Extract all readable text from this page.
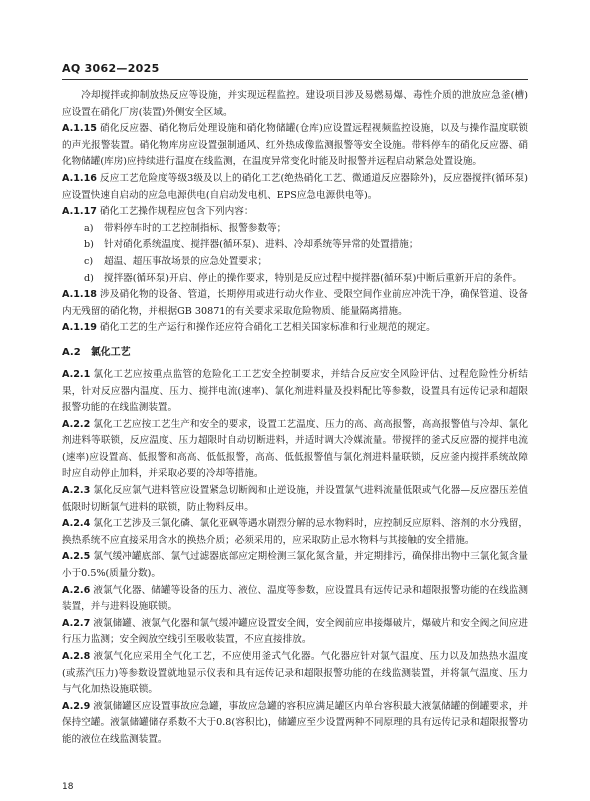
AQ 3062—2025

冷却搅拌或抑制放热反应等设施，并实现远程监控。建设项目涉及易燃易爆、毒性介质的泄放应急釜(槽)应设置在硝化厂房(装置)外侧安全区域。

A.1.15 硝化反应器、硝化物后处理设施和硝化物储罐(仓库)应设置远程视频监控设施，以及与操作温度联锁的声光报警装置。硝化物库房应设置强制通风、红外热成像监测报警等安全设施。带料停车的硝化反应器、硝化物储罐(库房)应持续进行温度在线监测，在温度异常变化时能及时报警并远程启动紧急处置设施。

A.1.16 反应工艺危险度等级3级及以上的硝化工艺(绝热硝化工艺、微通道反应器除外)，反应器搅拌(循环泵)应设置快速自启动的应急电源供电(自启动发电机、EPS应急电源供电等)。

A.1.17 硝化工艺操作规程应包含下列内容：

a)	带料停车时的工艺控制指标、报警参数等；
b)	针对硝化系统温度、搅拌器(循环泵)、进料、冷却系统等异常的处置措施；
c)	超温、超压事故场景的应急处置要求；
d)	搅拌器(循环泵)开启、停止的操作要求，特别是反应过程中搅拌器(循环泵)中断后重新开启的条件。

A.1.18 涉及硝化物的设备、管道，长期停用或进行动火作业、受限空间作业前应冲洗干净，确保管道、设备内无残留的硝化物，并根据GB 30871的有关要求采取危险物质、能量隔离措施。

A.1.19 硝化工艺的生产运行和操作还应符合硝化工艺相关国家标准和行业规范的规定。

A.2 氯化工艺

A.2.1 氯化工艺应按重点监管的危险化工工艺安全控制要求，并结合反应安全风险评估、过程危险性分析结果，针对反应器内温度、压力、搅拌电流(速率)、氯化剂进料量及投料配比等参数，设置具有远传记录和超限报警功能的在线监测装置。

A.2.2 氯化工艺应按工艺生产和安全的要求，设置工艺温度、压力的高、高高报警，高高报警值与冷却、氯化剂进料等联锁，反应温度、压力超限时自动切断进料，并适时调大冷媒流量。带搅拌的釜式反应器的搅拌电流(速率)应设置高、低报警和高高、低低报警，高高、低低报警值与氯化剂进料量联锁，反应釜内搅拌系统故障时应自动停止加料，并采取必要的冷却等措施。

A.2.3 氯化反应氯气进料管应设置紧急切断阀和止逆设施，并设置氯气进料流量低限或气化器—反应器压差值低限时切断氯气进料的联锁，防止物料反串。

A.2.4 氯化工艺涉及三氯化磷、氯化亚砜等遇水剧烈分解的忌水物料时，应控制反应原料、溶剂的水分残留，换热系统不应直接采用含水的换热介质；必须采用的，应采取防止忌水物料与其接触的安全措施。

A.2.5 氯气缓冲罐底部、氯气过滤器底部应定期检测三氯化氮含量，并定期排污，确保排出物中三氯化氮含量小于0.5%(质量分数)。

A.2.6 液氯气化器、储罐等设备的压力、液位、温度等参数，应设置具有远传记录和超限报警功能的在线监测装置，并与进料设施联锁。

A.2.7 液氯储罐、液氯气化器和氯气缓冲罐应设置安全阀，安全阀前应串接爆破片，爆破片和安全阀之间应进行压力监测；安全阀放空线引至吸收装置，不应直接排放。

A.2.8 液氯气化应采用全气化工艺，不应使用釜式气化器。气化器应针对氯气温度、压力以及加热热水温度(或蒸汽压力)等参数设置就地显示仪表和具有远传记录和超限报警功能的在线监测装置，并将氯气温度、压力与气化加热设施联锁。

A.2.9 液氯储罐区应设置事故应急罐，事故应急罐的容积应满足罐区内单台容积最大液氯储罐的倒罐要求，并保持空罐。液氯储罐储存系数不大于0.8(容积比)，储罐应至少设置两种不同原理的具有远传记录和超限报警功能的液位在线监测装置。

18
